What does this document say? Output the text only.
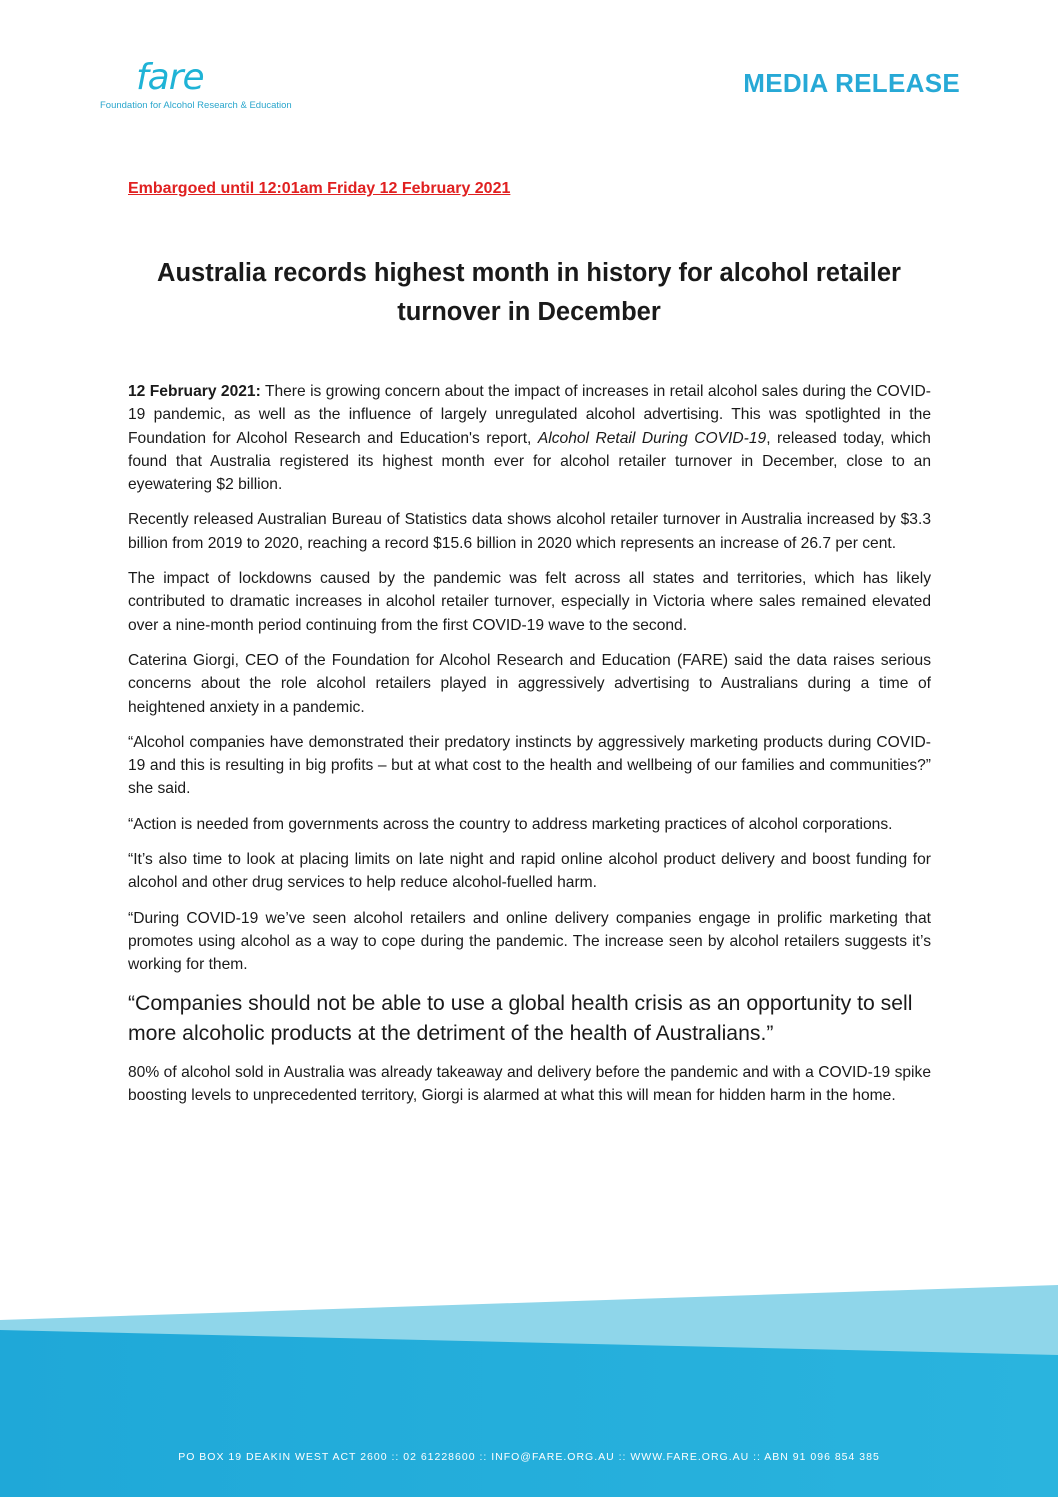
fare
Foundation for Alcohol Research & Education
MEDIA RELEASE
Embargoed until 12:01am Friday 12 February 2021
Australia records highest month in history for alcohol retailer turnover in December

12 February 2021: There is growing concern about the impact of increases in retail alcohol sales during the COVID-19 pandemic, as well as the influence of largely unregulated alcohol advertising. This was spotlighted in the Foundation for Alcohol Research and Education's report, Alcohol Retail During COVID-19, released today, which found that Australia registered its highest month ever for alcohol retailer turnover in December, close to an eyewatering $2 billion.

Recently released Australian Bureau of Statistics data shows alcohol retailer turnover in Australia increased by $3.3 billion from 2019 to 2020, reaching a record $15.6 billion in 2020 which represents an increase of 26.7 per cent.

The impact of lockdowns caused by the pandemic was felt across all states and territories, which has likely contributed to dramatic increases in alcohol retailer turnover, especially in Victoria where sales remained elevated over a nine-month period continuing from the first COVID-19 wave to the second.

Caterina Giorgi, CEO of the Foundation for Alcohol Research and Education (FARE) said the data raises serious concerns about the role alcohol retailers played in aggressively advertising to Australians during a time of heightened anxiety in a pandemic.

“Alcohol companies have demonstrated their predatory instincts by aggressively marketing products during COVID-19 and this is resulting in big profits – but at what cost to the health and wellbeing of our families and communities?” she said.

“Action is needed from governments across the country to address marketing practices of alcohol corporations.

“It’s also time to look at placing limits on late night and rapid online alcohol product delivery and boost funding for alcohol and other drug services to help reduce alcohol-fuelled harm.

“During COVID-19 we’ve seen alcohol retailers and online delivery companies engage in prolific marketing that promotes using alcohol as a way to cope during the pandemic. The increase seen by alcohol retailers suggests it’s working for them.

“Companies should not be able to use a global health crisis as an opportunity to sell more alcoholic products at the detriment of the health of Australians.”

80% of alcohol sold in Australia was already takeaway and delivery before the pandemic and with a COVID-19 spike boosting levels to unprecedented territory, Giorgi is alarmed at what this will mean for hidden harm in the home.

PO BOX 19 DEAKIN WEST ACT 2600 :: 02 61228600 :: INFO@FARE.ORG.AU :: WWW.FARE.ORG.AU :: ABN 91 096 854 385
